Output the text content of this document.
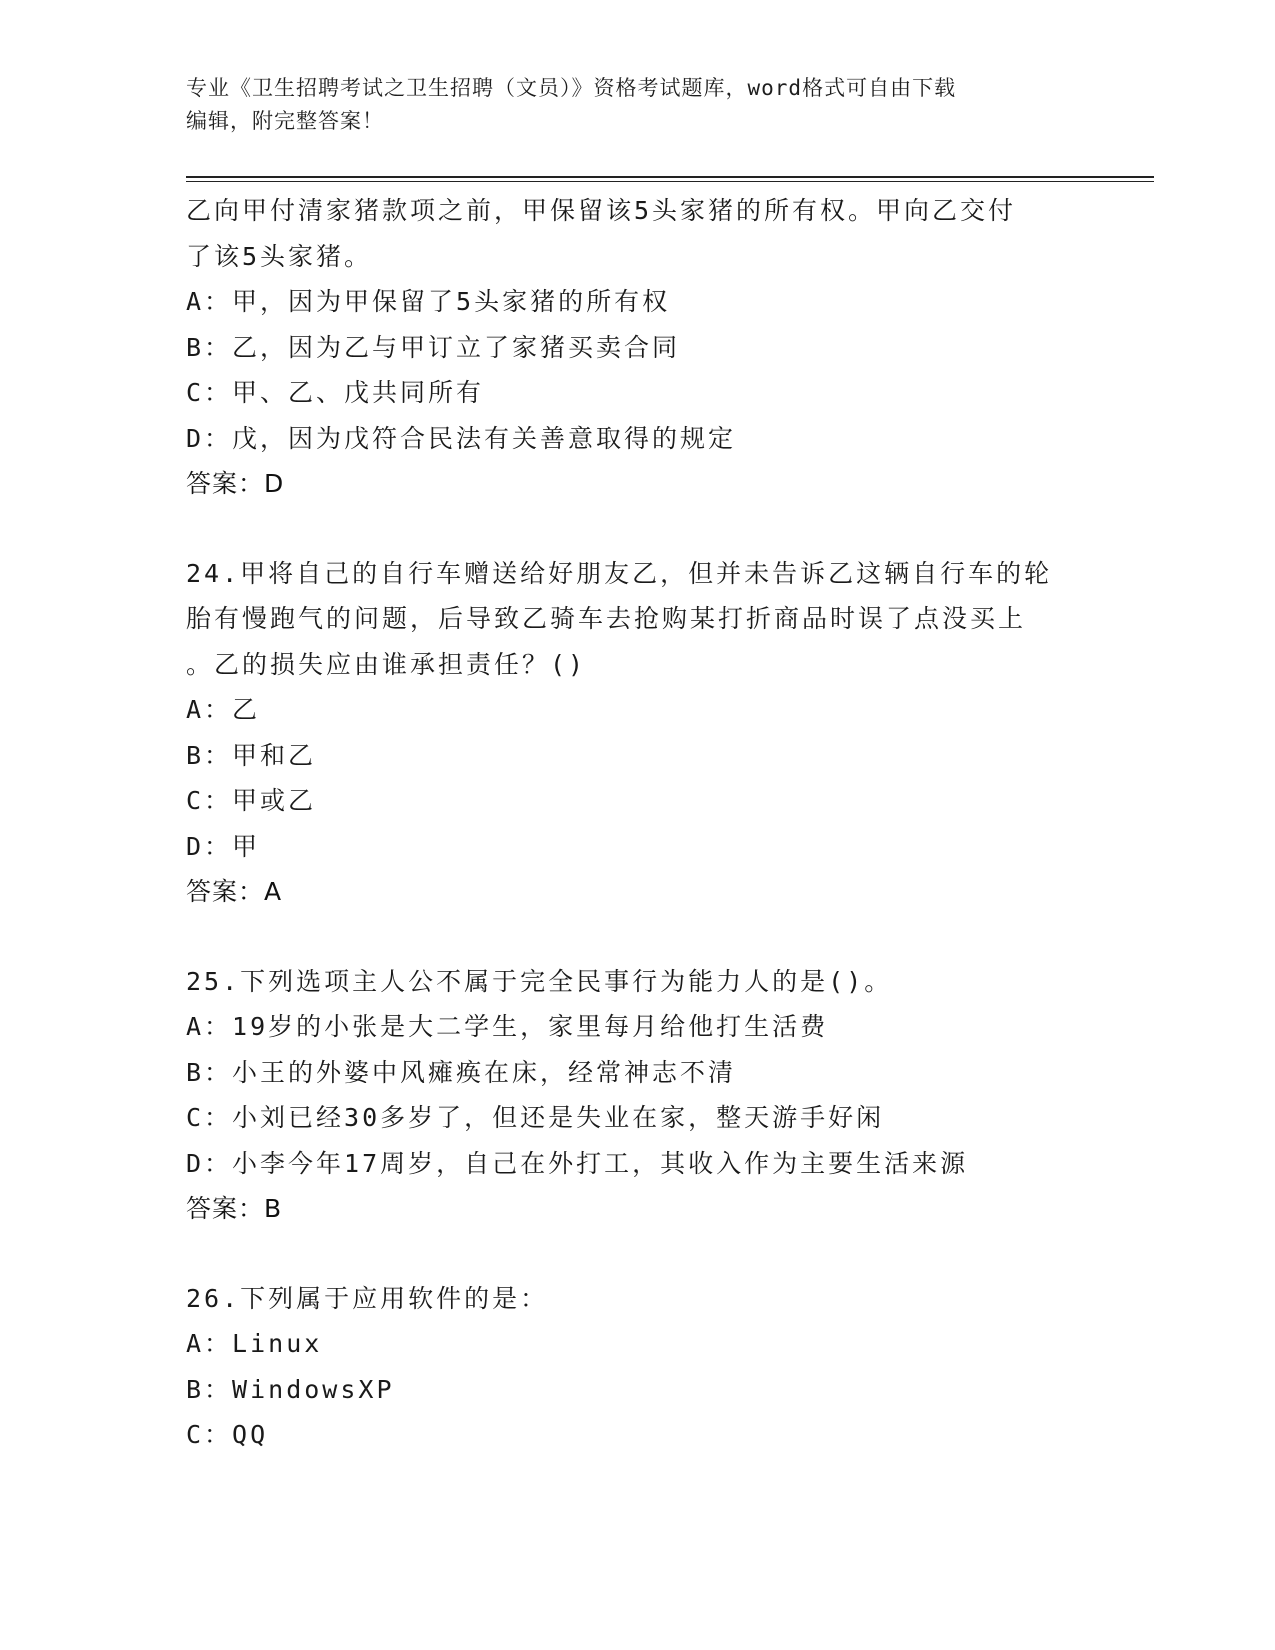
专业《卫生招聘考试之卫生招聘（文员）》资格考试题库，word格式可自由下载
编辑，附完整答案！
乙向甲付清家猪款项之前，甲保留该5头家猪的所有权。甲向乙交付
了该5头家猪。
A：甲，因为甲保留了5头家猪的所有权
B：乙，因为乙与甲订立了家猪买卖合同
C：甲、乙、戊共同所有
D：戊，因为戊符合民法有关善意取得的规定
答案：D
24.甲将自己的自行车赠送给好朋友乙，但并未告诉乙这辆自行车的轮
胎有慢跑气的问题，后导致乙骑车去抢购某打折商品时误了点没买上
。乙的损失应由谁承担责任？()
A：乙
B：甲和乙
C：甲或乙
D：甲
答案：A
25.下列选项主人公不属于完全民事行为能力人的是()。
A：19岁的小张是大二学生，家里每月给他打生活费
B：小王的外婆中风瘫痪在床，经常神志不清
C：小刘已经30多岁了，但还是失业在家，整天游手好闲
D：小李今年17周岁，自己在外打工，其收入作为主要生活来源
答案：B
26.下列属于应用软件的是：
A：Linux
B：WindowsXP
C：QQ
